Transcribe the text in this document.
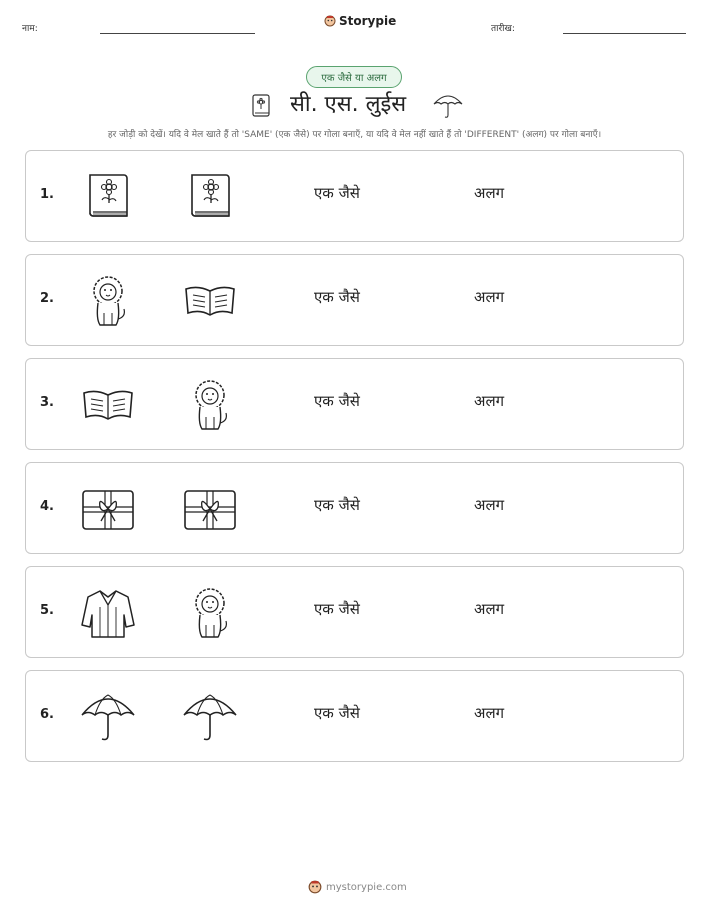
नाम:
Storypie
तारीख:
एक जैसे या अलग
सी. एस. लुईस
हर जोड़ी को देखें। यदि वे मेल खाते हैं तो 'SAME' (एक जैसे) पर गोला बनाएँ, या यदि वे मेल नहीं खाते हैं तो 'DIFFERENT' (अलग) पर गोला बनाएँ।
1.	एक जैसे	अलग
2.	एक जैसे	अलग
3.	एक जैसे	अलग
4.	एक जैसे	अलग
5.	एक जैसे	अलग
6.	एक जैसे	अलग
mystorypie.com
